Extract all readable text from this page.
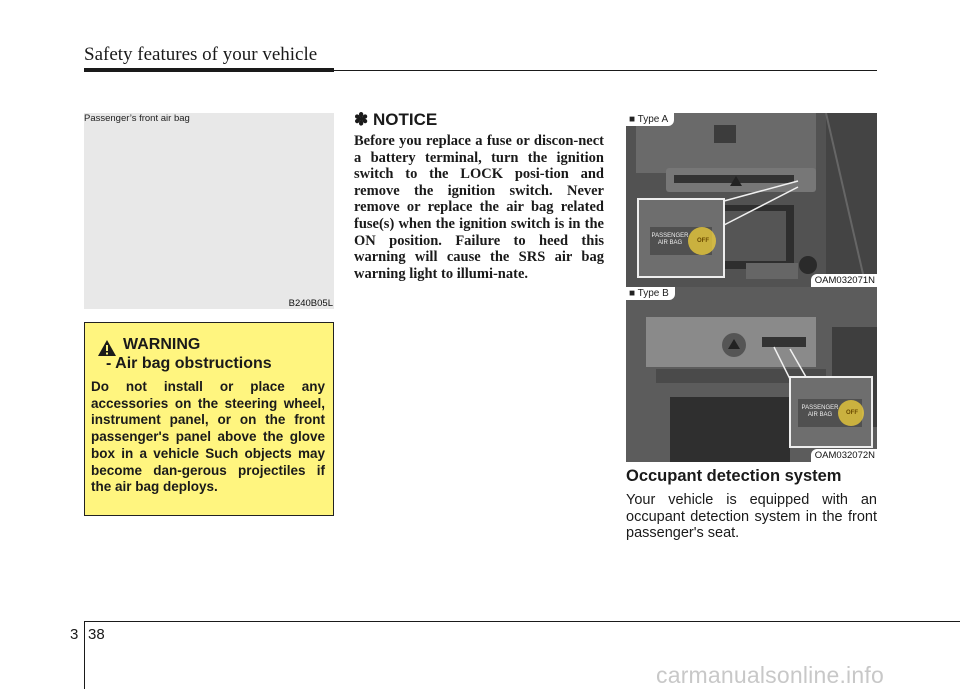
Safety features of your vehicle
Passenger’s front air bag
B240B05L
WARNING
- Air bag obstructions
Do not install or place any accessories on the steering wheel, instrument panel, or on the front passenger's panel above the glove box in a vehicle Such objects may become dan-gerous projectiles if the air bag deploys.
✽ NOTICE
Before you replace a fuse or discon-nect a battery terminal, turn the ignition switch to the LOCK posi-tion and remove the ignition switch. Never remove or replace the air bag related fuse(s) when the ignition switch is in the ON position. Failure to heed this warning will cause the SRS air bag warning light to illumi-nate.
PASSENGER AIR BAG	OFF
■ Type A
OAM032071N
PASSENGER AIR BAG	OFF
■ Type B
OAM032072N
Occupant detection system
Your vehicle is equipped with an occupant detection system in the front passenger's seat.
3 38
carmanualsonline.info
